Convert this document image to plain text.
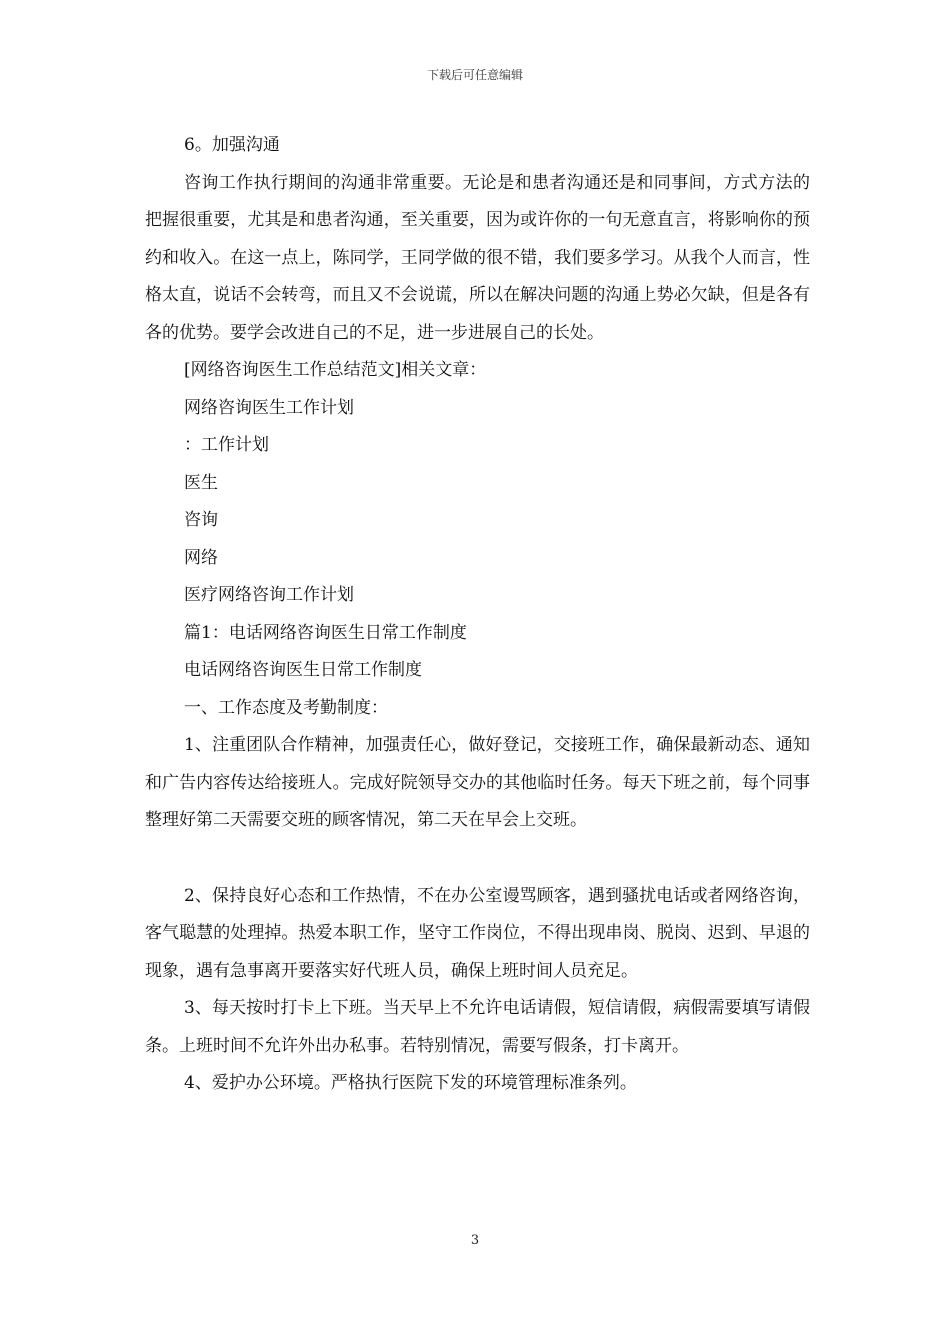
下载后可任意编辑

6。加强沟通

咨询工作执行期间的沟通非常重要。无论是和患者沟通还是和同事间，方式方法的把握很重要，尤其是和患者沟通，至关重要，因为或许你的一句无意直言，将影响你的预约和收入。在这一点上，陈同学，王同学做的很不错，我们要多学习。从我个人而言，性格太直，说话不会转弯，而且又不会说谎，所以在解决问题的沟通上势必欠缺，但是各有各的优势。要学会改进自己的不足，进一步进展自己的长处。

[网络咨询医生工作总结范文]相关文章：

网络咨询医生工作计划

：工作计划

医生

咨询

网络

医疗网络咨询工作计划

篇1：电话网络咨询医生日常工作制度

电话网络咨询医生日常工作制度

一、工作态度及考勤制度：

1、注重团队合作精神，加强责任心，做好登记，交接班工作，确保最新动态、通知和广告内容传达给接班人。完成好院领导交办的其他临时任务。每天下班之前，每个同事整理好第二天需要交班的顾客情况，第二天在早会上交班。

2、保持良好心态和工作热情，不在办公室谩骂顾客，遇到骚扰电话或者网络咨询，客气聪慧的处理掉。热爱本职工作，坚守工作岗位，不得出现串岗、脱岗、迟到、早退的现象，遇有急事离开要落实好代班人员，确保上班时间人员充足。

3、每天按时打卡上下班。当天早上不允许电话请假，短信请假，病假需要填写请假条。上班时间不允许外出办私事。若特别情况，需要写假条，打卡离开。

4、爱护办公环境。严格执行医院下发的环境管理标准条列。

3
